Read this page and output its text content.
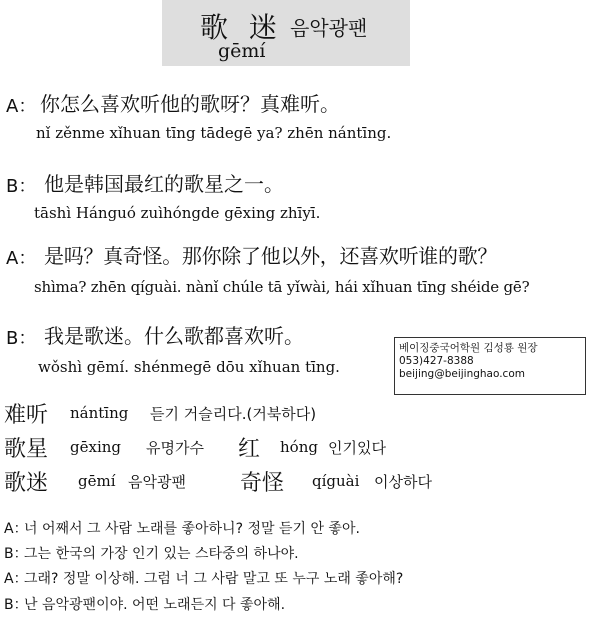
歌 迷 음악광팬
gēmí
A： 你怎么喜欢听他的歌呀？真难听。
nǐ zěnme xǐhuan tīng tādegē ya? zhēn nántīng.
B： 他是韩国最红的歌星之一。
tāshì Hánguó zuìhóngde gēxing zhīyī.
A： 是吗？真奇怪。那你除了他以外，还喜欢听谁的歌？
shìma? zhēn qíguài. nànǐ chúle tā yǐwài, hái xǐhuan tīng shéide gē?
B： 我是歌迷。什么歌都喜欢听。
wǒshì gēmí. shénmegē dōu xǐhuan tīng.
베이징중국어학원 김성룡 원장
053)427-8388
beijing@beijinghao.com
难听 nántīng 듣기 거슬리다.(거북하다)
歌星 gēxing 유명가수 红 hóng 인기있다
歌迷 gēmí 음악광팬 奇怪 qíguài 이상하다
A：
너 어째서 그 사람 노래를 좋아하니? 정말 듣기 안 좋아.
B：
그는 한국의 가장 인기 있는 스타중의 하나야.
A：
그래? 정말 이상해. 그럼 너 그 사람 말고 또 누구 노래 좋아해?
B：
난 음악광팬이야. 어떤 노래든지 다 좋아해.
